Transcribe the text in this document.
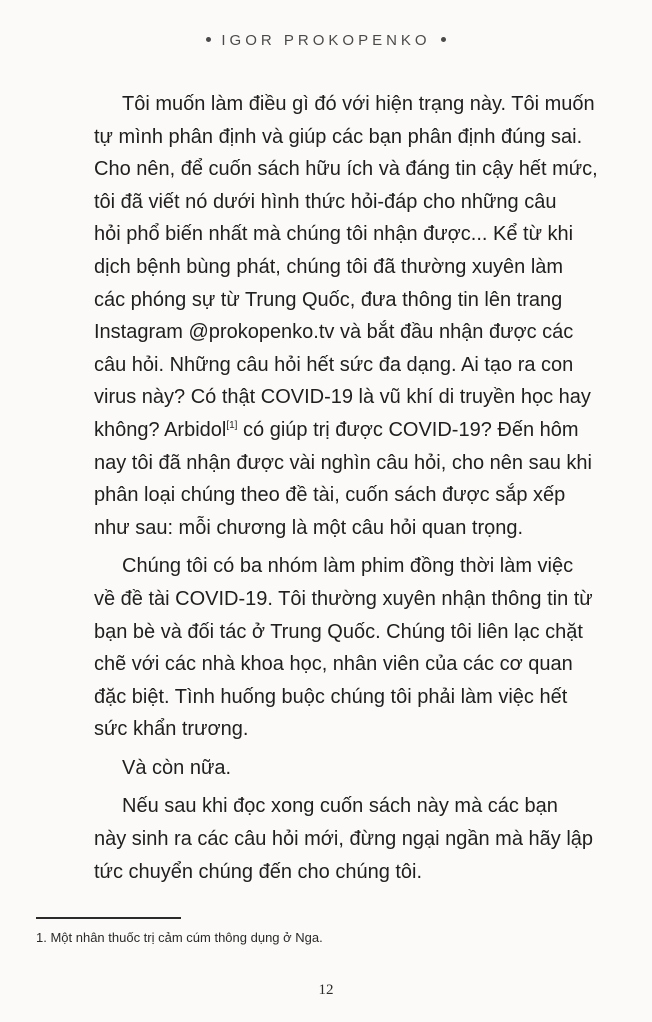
IGOR PROKOPENKO
Tôi muốn làm điều gì đó với hiện trạng này. Tôi muốn
tự mình phân định và giúp các bạn phân định đúng sai.
Cho nên, để cuốn sách hữu ích và đáng tin cậy hết mức,
tôi đã viết nó dưới hình thức hỏi-đáp cho những câu
hỏi phổ biến nhất mà chúng tôi nhận được... Kể từ khi
dịch bệnh bùng phát, chúng tôi đã thường xuyên làm
các phóng sự từ Trung Quốc, đưa thông tin lên trang
Instagram @prokopenko.tv và bắt đầu nhận được các
câu hỏi. Những câu hỏi hết sức đa dạng. Ai tạo ra con
virus này? Có thật COVID-19 là vũ khí di truyền học hay
không? Arbidol[1] có giúp trị được COVID-19? Đến hôm
nay tôi đã nhận được vài nghìn câu hỏi, cho nên sau khi
phân loại chúng theo đề tài, cuốn sách được sắp xếp
như sau: mỗi chương là một câu hỏi quan trọng.
Chúng tôi có ba nhóm làm phim đồng thời làm việc
về đề tài COVID-19. Tôi thường xuyên nhận thông tin từ
bạn bè và đối tác ở Trung Quốc. Chúng tôi liên lạc chặt
chẽ với các nhà khoa học, nhân viên của các cơ quan
đặc biệt. Tình huống buộc chúng tôi phải làm việc hết
sức khẩn trương.
Và còn nữa.
Nếu sau khi đọc xong cuốn sách này mà các bạn
này sinh ra các câu hỏi mới, đừng ngại ngần mà hãy lập
tức chuyển chúng đến cho chúng tôi.
1. Một nhân thuốc trị cảm cúm thông dụng ở Nga.
12
